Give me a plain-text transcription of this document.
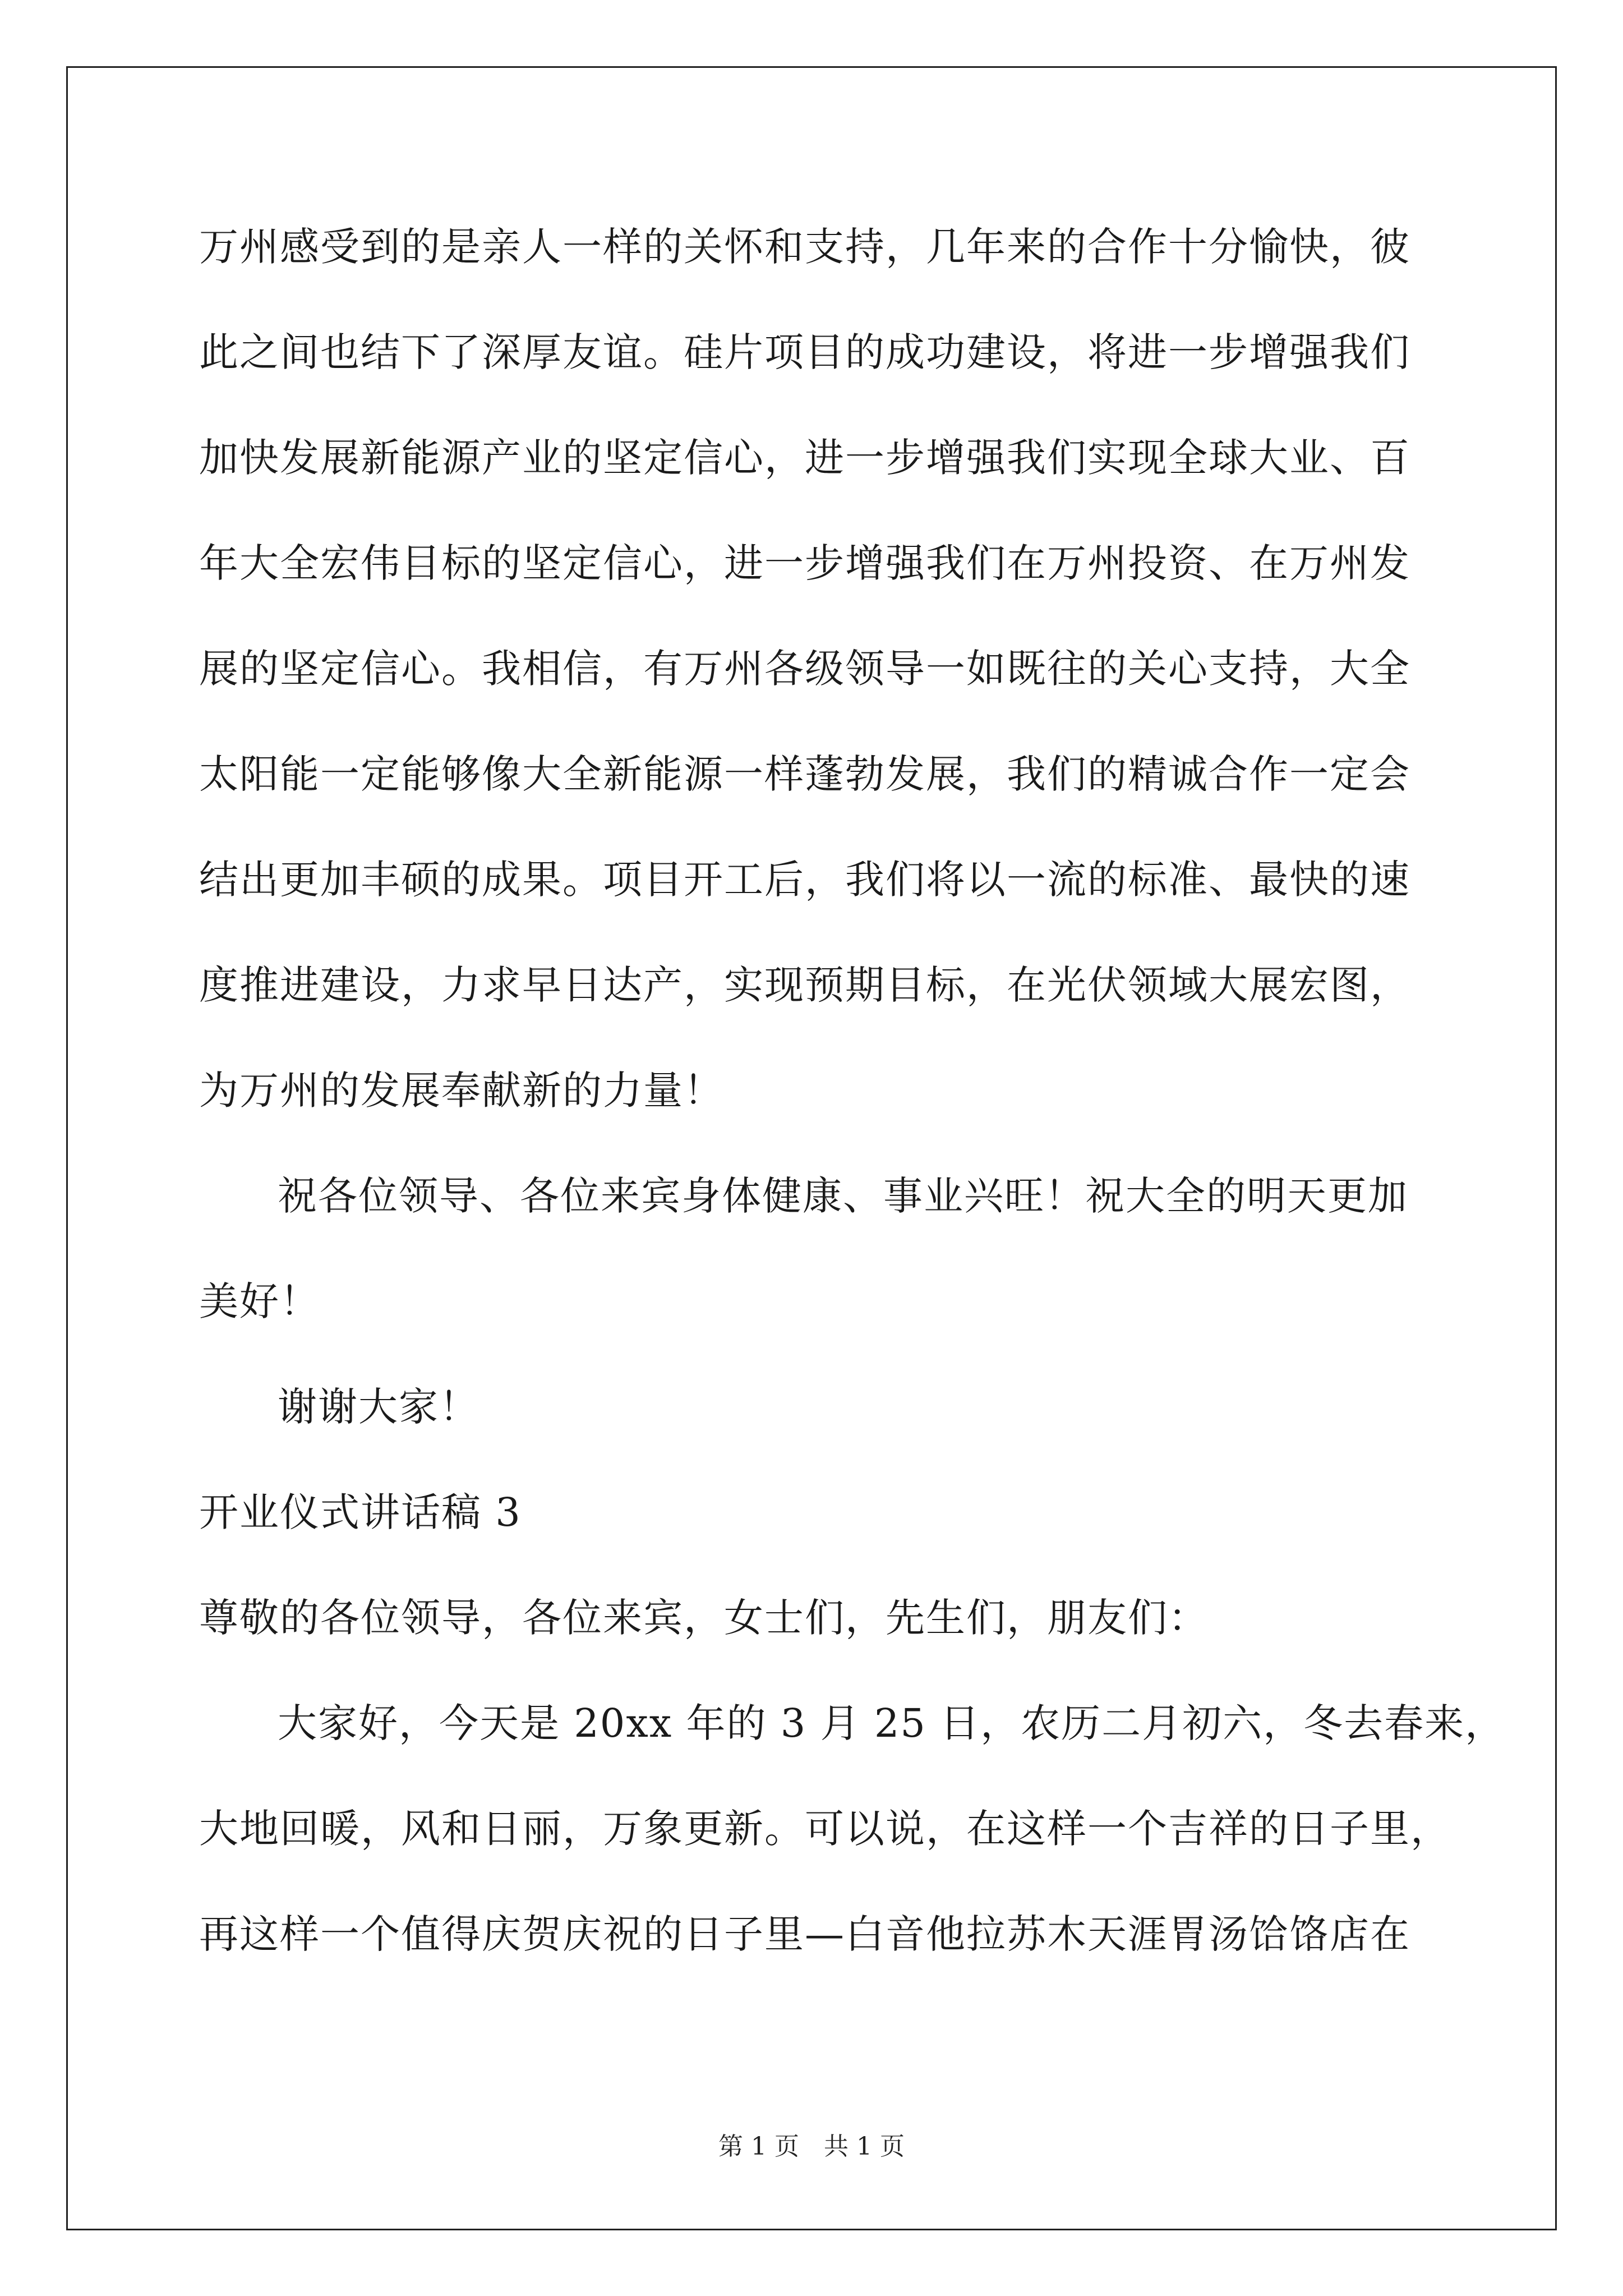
万州感受到的是亲人一样的关怀和支持，几年来的合作十分愉快，彼
此之间也结下了深厚友谊。硅片项目的成功建设，将进一步增强我们
加快发展新能源产业的坚定信心，进一步增强我们实现全球大业、百
年大全宏伟目标的坚定信心，进一步增强我们在万州投资、在万州发
展的坚定信心。我相信，有万州各级领导一如既往的关心支持，大全
太阳能一定能够像大全新能源一样蓬勃发展，我们的精诚合作一定会
结出更加丰硕的成果。项目开工后，我们将以一流的标准、最快的速
度推进建设，力求早日达产，实现预期目标，在光伏领域大展宏图，
为万州的发展奉献新的力量！
祝各位领导、各位来宾身体健康、事业兴旺！祝大全的明天更加
美好！
谢谢大家！
开业仪式讲话稿 3
尊敬的各位领导，各位来宾，女士们，先生们，朋友们：
大家好，今天是 20xx 年的 3 月 25 日，农历二月初六，冬去春来，
大地回暖，风和日丽，万象更新。可以说，在这样一个吉祥的日子里，
再这样一个值得庆贺庆祝的日子里—白音他拉苏木天涯胃汤饸饹店在
第 1 页　共 1 页
